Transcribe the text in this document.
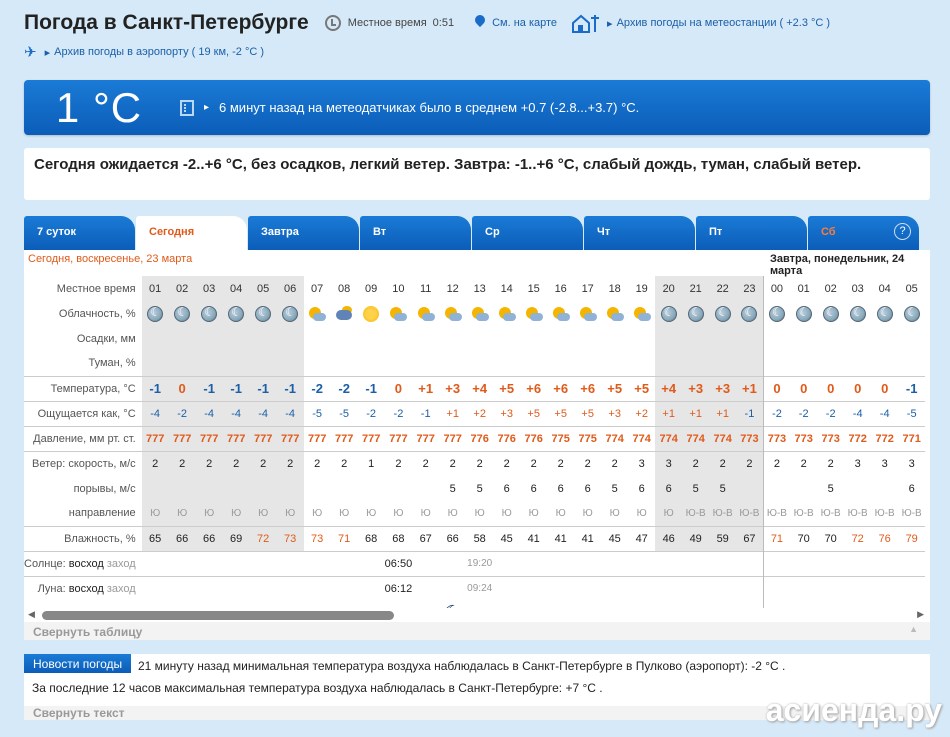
Погода в Санкт-Петербурге	Местное время 0:51	См. на карте	▸ Архив погоды на метеостанции ( +2.3 °C )
✈ ▸ Архив погоды в аэропорту ( 19 км, -2 °C )
1 °C	▸ 6 минут назад на метеодатчиках было в среднем +0.7 (-2.8...+3.7) °C.
Сегодня ожидается -2..+6 °C, без осадков, легкий ветер. Завтра: -1..+6 °C, слабый дождь, туман, слабый ветер.
7 суток	Сегодня	Завтра	Вт	Ср	Чт	Пт	Сб	?
Сегодня, воскресенье, 23 марта	Завтра, понедельник, 24 марта
Местное время	01	02	03	04	05	06	07	08	09	10	11	12	13	14	15	16	17	18	19	20	21	22	23	00	01	02	03	04	05
Облачность, %	☾	☾	☾	☾	☾	☾														☾	☾	☾	☾	☾	☾	☾	☾	☾	☾
Осадки, мм																													
Туман, %																													
Температура, °C	-1	0	-1	-1	-1	-1	-2	-2	-1	0	+1	+3	+4	+5	+6	+6	+6	+5	+5	+4	+3	+3	+1	0	0	0	0	0	-1
Ощущается как, °C	-4	-2	-4	-4	-4	-4	-5	-5	-2	-2	-1	+1	+2	+3	+5	+5	+5	+3	+2	+1	+1	+1	-1	-2	-2	-2	-4	-4	-5
Давление, мм рт. ст.	777	777	777	777	777	777	777	777	777	777	777	777	776	776	776	775	775	774	774	774	774	774	773	773	773	773	772	772	771
Ветер: скорость, м/с	2	2	2	2	2	2	2	2	1	2	2	2	2	2	2	2	2	2	3	3	2	2	2	2	2	2	3	3	3
порывы, м/с												5	5	6	6	6	6	5	6	6	5	5				5			6
направление	Ю	Ю	Ю	Ю	Ю	Ю	Ю	Ю	Ю	Ю	Ю	Ю	Ю	Ю	Ю	Ю	Ю	Ю	Ю	Ю	Ю-В	Ю-В	Ю-В	Ю-В	Ю-В	Ю-В	Ю-В	Ю-В	Ю-В
Влажность, %	65	66	66	69	72	73	73	71	68	68	67	66	58	45	41	41	41	45	47	46	49	59	67	71	70	70	72	76	79
Солнце: восход заход										06:50			19:20																
Луна: восход заход										06:12			09:24																

◀	▶
Свернуть таблицу	▲
Новости погоды	21 минуту назад минимальная температура воздуха наблюдалась в Санкт-Петербурге в Пулково (аэропорт): -2 °C .
За последние 12 часов максимальная температура воздуха наблюдалась в Санкт-Петербурге: +7 °C .
Свернуть текст	асиенда.ру
